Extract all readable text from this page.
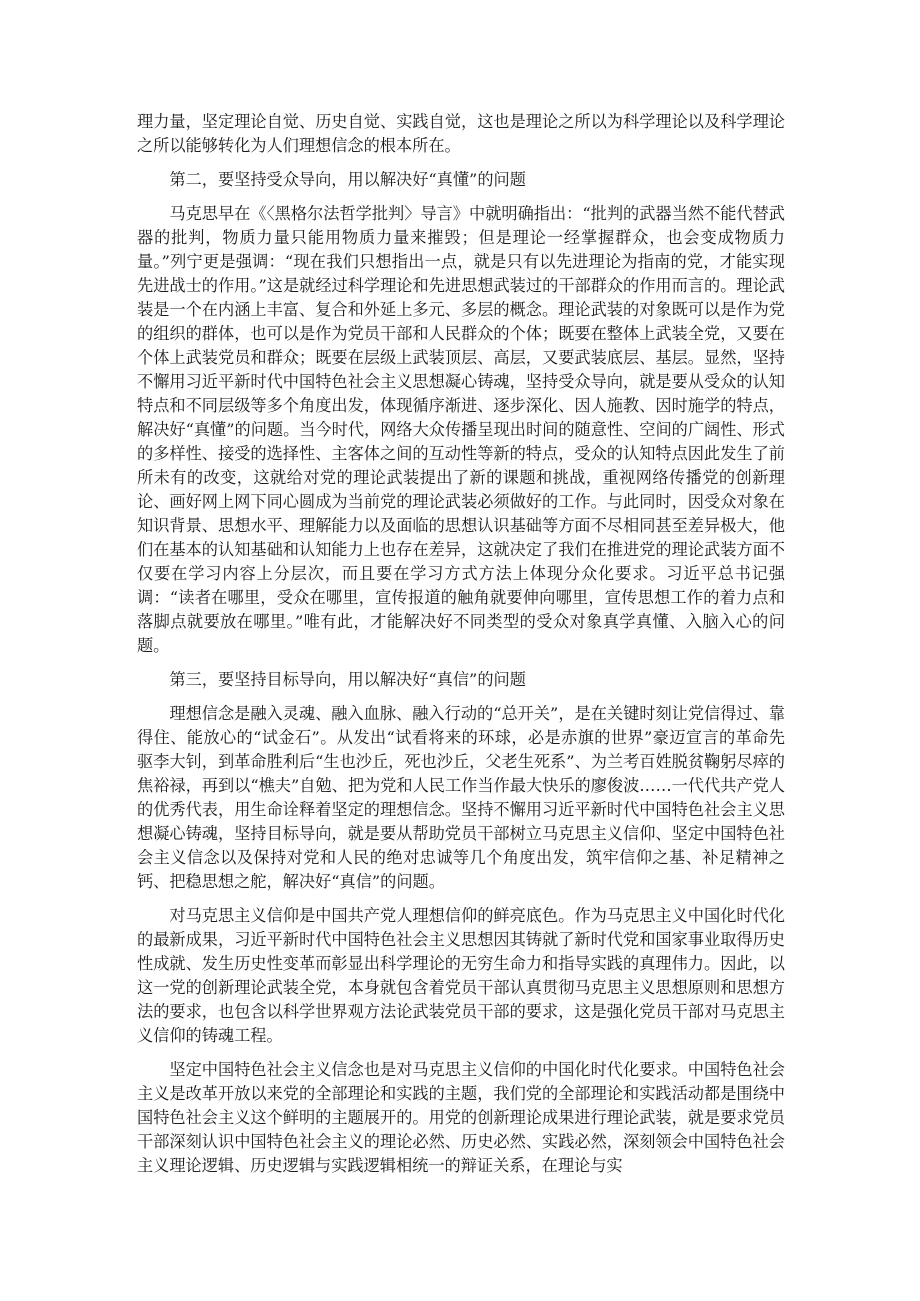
理力量，坚定理论自觉、历史自觉、实践自觉，这也是理论之所以为科学理论以及科学理论之所以能够转化为人们理想信念的根本所在。

第二，要坚持受众导向，用以解决好“真懂”的问题

马克思早在《〈黑格尔法哲学批判〉导言》中就明确指出：“批判的武器当然不能代替武器的批判，物质力量只能用物质力量来摧毁；但是理论一经掌握群众，也会变成物质力量。”列宁更是强调：“现在我们只想指出一点，就是只有以先进理论为指南的党，才能实现先进战士的作用。”这是就经过科学理论和先进思想武装过的干部群众的作用而言的。理论武装是一个在内涵上丰富、复合和外延上多元、多层的概念。理论武装的对象既可以是作为党的组织的群体，也可以是作为党员干部和人民群众的个体；既要在整体上武装全党，又要在个体上武装党员和群众；既要在层级上武装顶层、高层，又要武装底层、基层。显然，坚持不懈用习近平新时代中国特色社会主义思想凝心铸魂，坚持受众导向，就是要从受众的认知特点和不同层级等多个角度出发，体现循序渐进、逐步深化、因人施教、因时施学的特点，解决好“真懂”的问题。当今时代，网络大众传播呈现出时间的随意性、空间的广阔性、形式的多样性、接受的选择性、主客体之间的互动性等新的特点，受众的认知特点因此发生了前所未有的改变，这就给对党的理论武装提出了新的课题和挑战，重视网络传播党的创新理论、画好网上网下同心圆成为当前党的理论武装必须做好的工作。与此同时，因受众对象在知识背景、思想水平、理解能力以及面临的思想认识基础等方面不尽相同甚至差异极大，他们在基本的认知基础和认知能力上也存在差异，这就决定了我们在推进党的理论武装方面不仅要在学习内容上分层次，而且要在学习方式方法上体现分众化要求。习近平总书记强调：“读者在哪里，受众在哪里，宣传报道的触角就要伸向哪里，宣传思想工作的着力点和落脚点就要放在哪里。”唯有此，才能解决好不同类型的受众对象真学真懂、入脑入心的问题。

第三，要坚持目标导向，用以解决好“真信”的问题

理想信念是融入灵魂、融入血脉、融入行动的“总开关”，是在关键时刻让党信得过、靠得住、能放心的“试金石”。从发出“试看将来的环球，必是赤旗的世界”豪迈宣言的革命先驱李大钊，到革命胜利后“生也沙丘，死也沙丘，父老生死系”、为兰考百姓脱贫鞠躬尽瘁的焦裕禄，再到以“樵夫”自勉、把为党和人民工作当作最大快乐的廖俊波……一代代共产党人的优秀代表，用生命诠释着坚定的理想信念。坚持不懈用习近平新时代中国特色社会主义思想凝心铸魂，坚持目标导向，就是要从帮助党员干部树立马克思主义信仰、坚定中国特色社会主义信念以及保持对党和人民的绝对忠诚等几个角度出发，筑牢信仰之基、补足精神之钙、把稳思想之舵，解决好“真信”的问题。

对马克思主义信仰是中国共产党人理想信仰的鲜亮底色。作为马克思主义中国化时代化的最新成果，习近平新时代中国特色社会主义思想因其铸就了新时代党和国家事业取得历史性成就、发生历史性变革而彰显出科学理论的无穷生命力和指导实践的真理伟力。因此，以这一党的创新理论武装全党，本身就包含着党员干部认真贯彻马克思主义思想原则和思想方法的要求，也包含以科学世界观方法论武装党员干部的要求，这是强化党员干部对马克思主义信仰的铸魂工程。

坚定中国特色社会主义信念也是对马克思主义信仰的中国化时代化要求。中国特色社会主义是改革开放以来党的全部理论和实践的主题，我们党的全部理论和实践活动都是围绕中国特色社会主义这个鲜明的主题展开的。用党的创新理论成果进行理论武装，就是要求党员干部深刻认识中国特色社会主义的理论必然、历史必然、实践必然，深刻领会中国特色社会主义理论逻辑、历史逻辑与实践逻辑相统一的辩证关系，在理论与实
